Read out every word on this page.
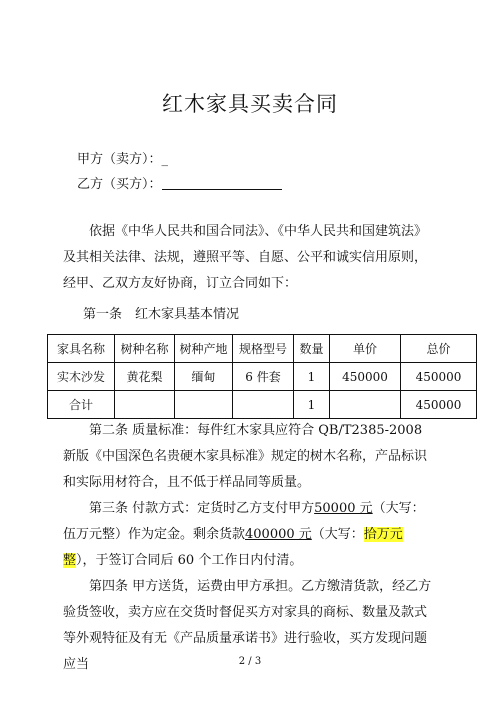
红木家具买卖合同
甲方（卖方）：_
乙方（买方）：

依据《中华人民共和国合同法》、《中华人民共和国建筑法》及其相关法律、法规，遵照平等、自愿、公平和诚实信用原则，经甲、乙双方友好协商，订立合同如下：

第一条　红木家具基本情况
家具名称	树种名称	树种产地	规格型号	数量	单价	总价
实木沙发	黄花梨	缅甸	6 件套	1	450000	450000
合计				1		450000

第二条 质量标准：每件红木家具应符合 QB/T2385-2008 新版《中国深色名贵硬木家具标准》规定的树木名称，产品标识和实际用材符合，且不低于样品同等质量。

第三条 付款方式：定货时乙方支付甲方50000 元（大写：伍万元整）作为定金。剩余货款400000 元（大写：拾万元整），于签订合同后 60 个工作日内付清。

第四条 甲方送货，运费由甲方承担。乙方缴清货款，经乙方验货签收，卖方应在交货时督促买方对家具的商标、数量及款式等外观特征及有无《产品质量承诺书》进行验收，买方发现问题应当	2 / 3
